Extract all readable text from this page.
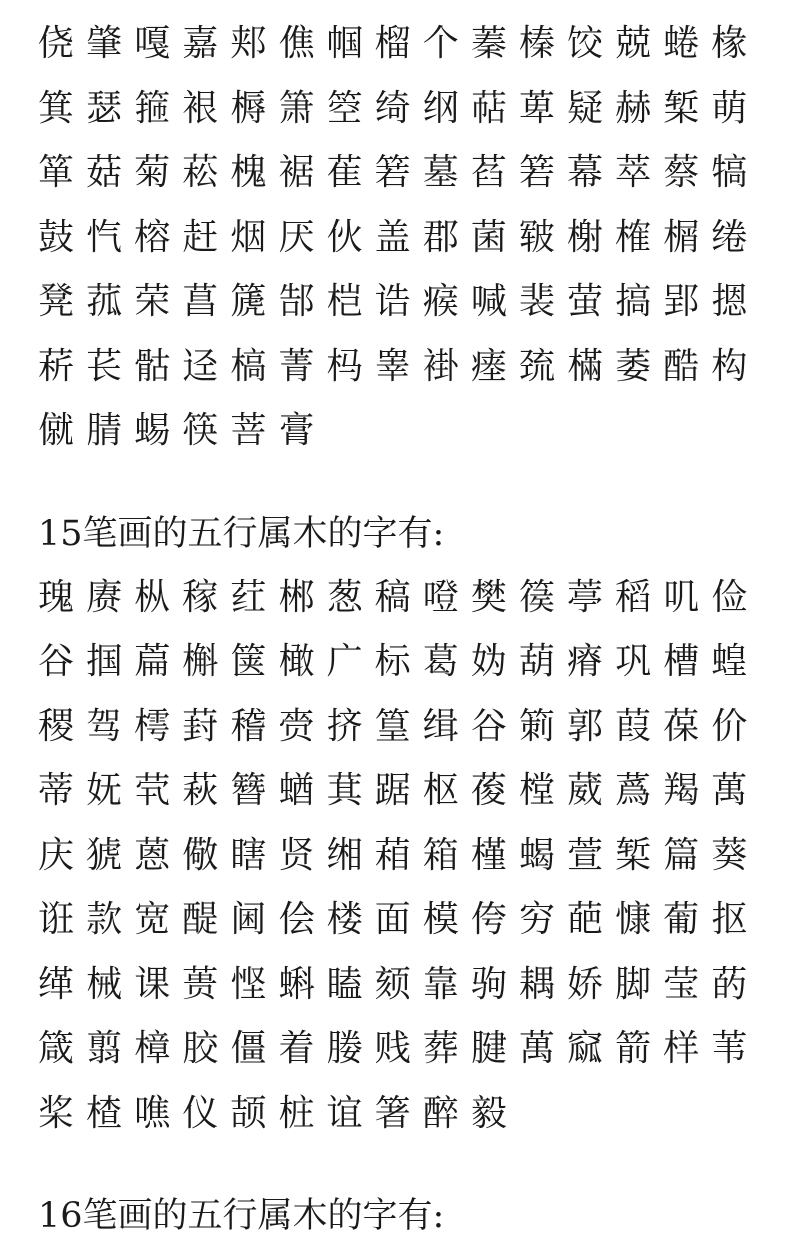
侥 肇 嘎 嘉 郏 僬 帼 榴 个 蓁 榛 饺 兢 蜷 椽
箕 瑟 箍 裉 槈 箫 箜 绮 纲 萜 萆 疑 赫 椠 萌
箪 菇 菊 菘 槐 裾 萑 箬 墓 萏 箬 幕 萃 蔡 犒
鼓 忾 榕 赶 烟 厌 伙 盖 郡 菌 皲 榭 榷 榍 绻
凳 菰 荣 菖 篪 郜 桤 诰 瘊 喊 裴 萤 搞 郢 摁
菥 苌 骷 迳 槁 菁 杩 睾 褂 瘗 巯 樠 萎 酷 构
僦 腈 蜴 筷 菩 膏
15笔画的五行属木的字有:
瑰 赓 枞 稼 荭 郴 葱 稿 噔 樊 篌 葶 稻 叽 俭
谷 掴 萹 槲 箧 橄 广 标 葛 妫 葫 瘠 巩 槽 蝗
稷 驾 樗 葑 稽 赍 挤 篁 缉 谷 箣 郭 葭 葆 价
蒂 妩 茕 萩 簪 蝤 萁 踞 枢 葰 樘 葳 蔿 羯 萬
庆 猇 蒽 儆 瞎 贤 缃 葙 箱 槿 蝎 萱 椠 篇 葵
诳 款 宽 醍 阃 侩 楼 面 模 侉 穷 葩 慷 葡 抠
缂 械 课 蒉 悭 蝌 瞌 颏 靠 驹 耦 娇 脚 莹 菂
箴 翦 樟 胶 僵 着 媵 贱 葬 腱 萬 窳 箭 样 苇
桨 楂 噍 仪 颉 桩 谊 箸 醉 毅
16笔画的五行属木的字有:
